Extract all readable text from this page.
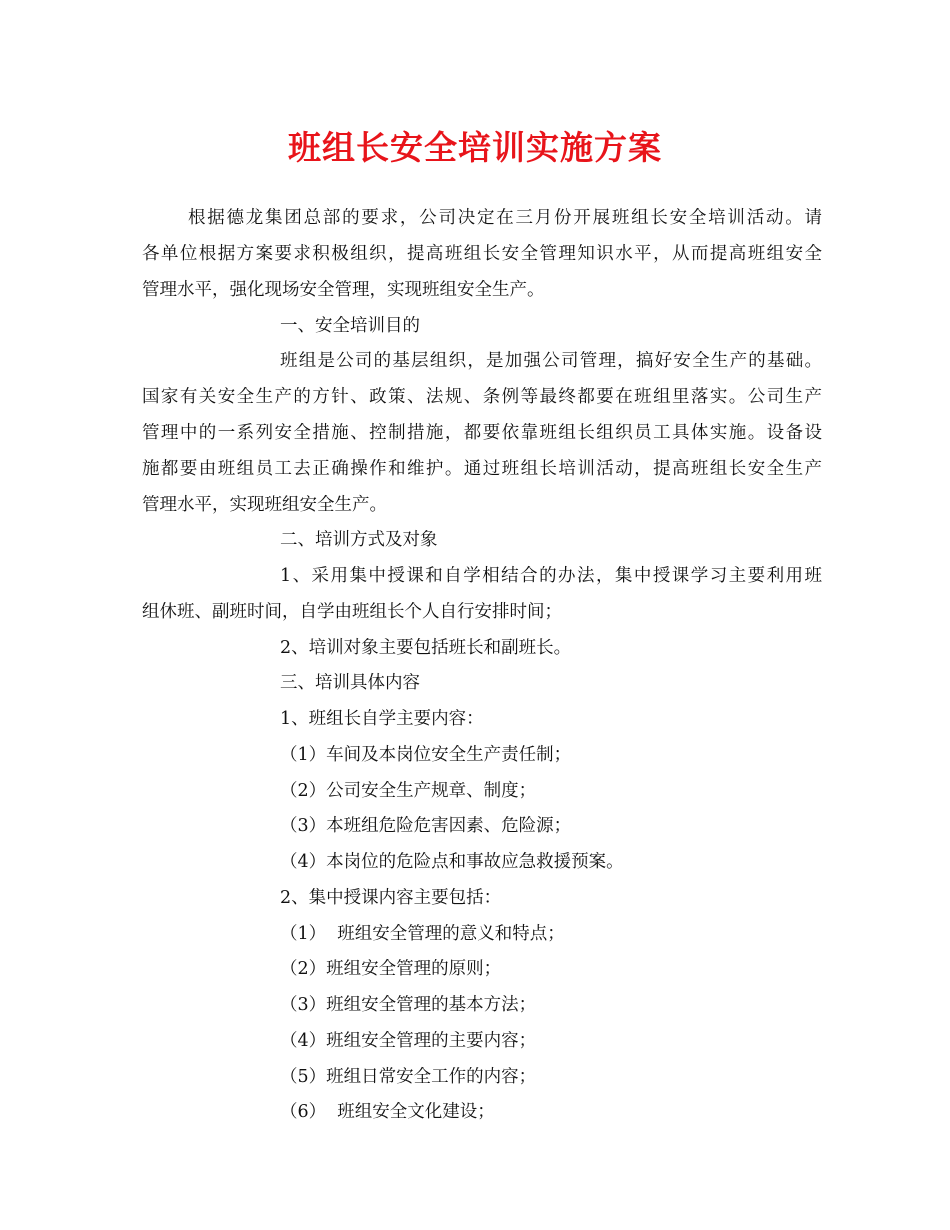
班组长安全培训实施方案
根据德龙集团总部的要求，公司决定在三月份开展班组长安全培训活动。请
各单位根据方案要求积极组织，提高班组长安全管理知识水平，从而提高班组安全
管理水平，强化现场安全管理，实现班组安全生产。
一、安全培训目的
班组是公司的基层组织，是加强公司管理，搞好安全生产的基础。
国家有关安全生产的方针、政策、法规、条例等最终都要在班组里落实。公司生产
管理中的一系列安全措施、控制措施，都要依靠班组长组织员工具体实施。设备设
施都要由班组员工去正确操作和维护。通过班组长培训活动，提高班组长安全生产
管理水平，实现班组安全生产。
二、培训方式及对象
1、采用集中授课和自学相结合的办法，集中授课学习主要利用班
组休班、副班时间，自学由班组长个人自行安排时间；
2、培训对象主要包括班长和副班长。
三、培训具体内容
1、班组长自学主要内容：
（1）车间及本岗位安全生产责任制；
（2）公司安全生产规章、制度；
（3）本班组危险危害因素、危险源；
（4）本岗位的危险点和事故应急救援预案。
2、集中授课内容主要包括：
（1）  班组安全管理的意义和特点；
（2）班组安全管理的原则；
（3）班组安全管理的基本方法；
（4）班组安全管理的主要内容；
（5）班组日常安全工作的内容；
（6）  班组安全文化建设；
